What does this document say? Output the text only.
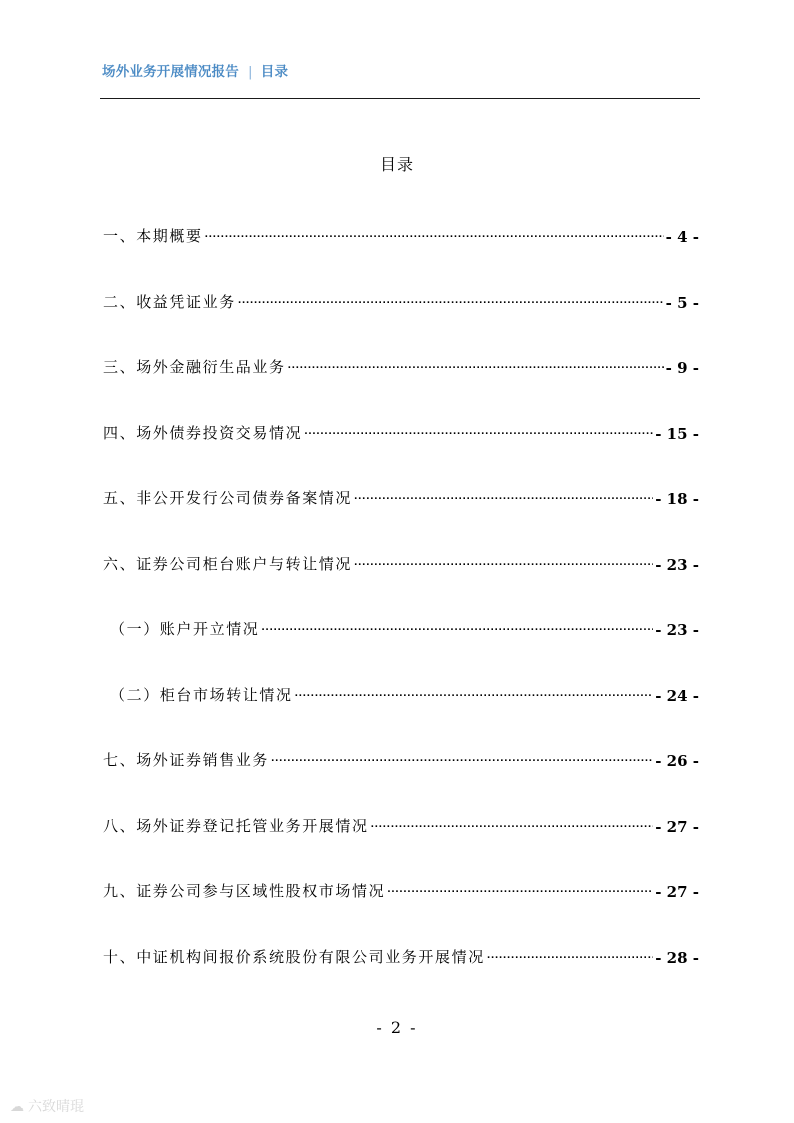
场外业务开展情况报告 | 目录
目录
一、本期概要 .....	- 4 -
二、收益凭证业务 .....	- 5 -
三、场外金融衍生品业务 .....	- 9 -
四、场外债券投资交易情况 .....	- 15 -
五、非公开发行公司债券备案情况 .....	- 18 -
六、证券公司柜台账户与转让情况 .....	- 23 -
（一）账户开立情况 .....	- 23 -
（二）柜台市场转让情况 .....	- 24 -
七、场外证券销售业务 .....	- 26 -
八、场外证券登记托管业务开展情况 .....	- 27 -
九、证券公司参与区域性股权市场情况 .....	- 27 -
十、中证机构间报价系统股份有限公司业务开展情况 .....	- 28 -
- 2 -
☁ 六致晴琨
